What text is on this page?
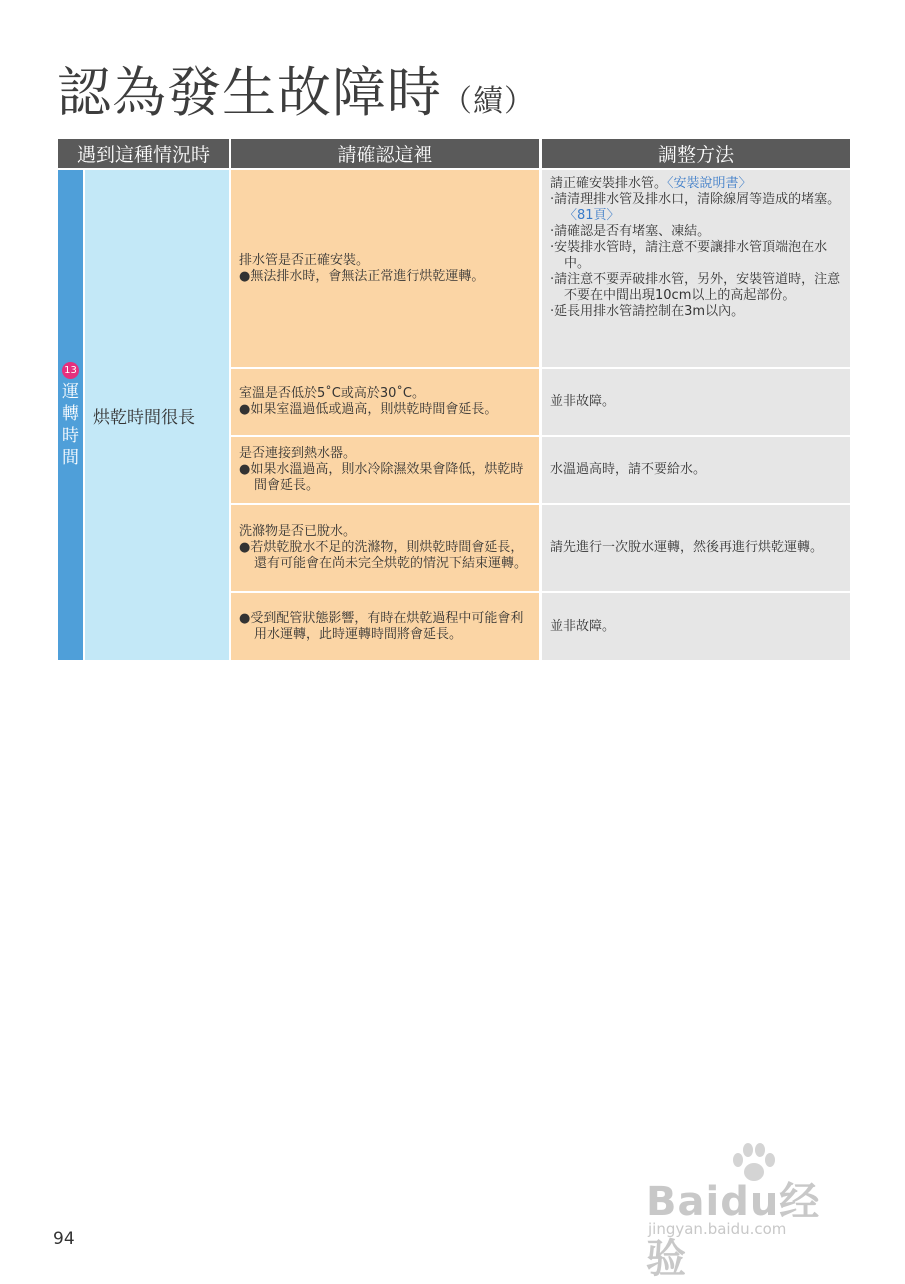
認為發生故障時（續）
遇到這種情況時	請確認這裡	調整方法
13
運轉時間
烘乾時間很長
排水管是否正確安裝。
●無法排水時，會無法正常進行烘乾運轉。
請正確安裝排水管。〈安裝說明書〉
‧請清理排水管及排水口，清除線屑等造成的堵塞。〈81頁〉
‧請確認是否有堵塞、凍結。
‧安裝排水管時，請注意不要讓排水管頂端泡在水中。
‧請注意不要弄破排水管，另外，安裝管道時，注意不要在中間出現10cm以上的高起部份。
‧延長用排水管請控制在3m以內。
室溫是否低於5˚C或高於30˚C。
●如果室溫過低或過高，則烘乾時間會延長。
並非故障。
是否連接到熱水器。
●如果水溫過高，則水冷除濕效果會降低，烘乾時間會延長。
水溫過高時，請不要給水。
洗滌物是否已脫水。
●若烘乾脫水不足的洗滌物，則烘乾時間會延長，還有可能會在尚未完全烘乾的情況下結束運轉。
請先進行一次脫水運轉，然後再進行烘乾運轉。
●受到配管狀態影響，有時在烘乾過程中可能會利用水運轉，此時運轉時間將會延長。
並非故障。
94
Baidu经验
jingyan.baidu.com
